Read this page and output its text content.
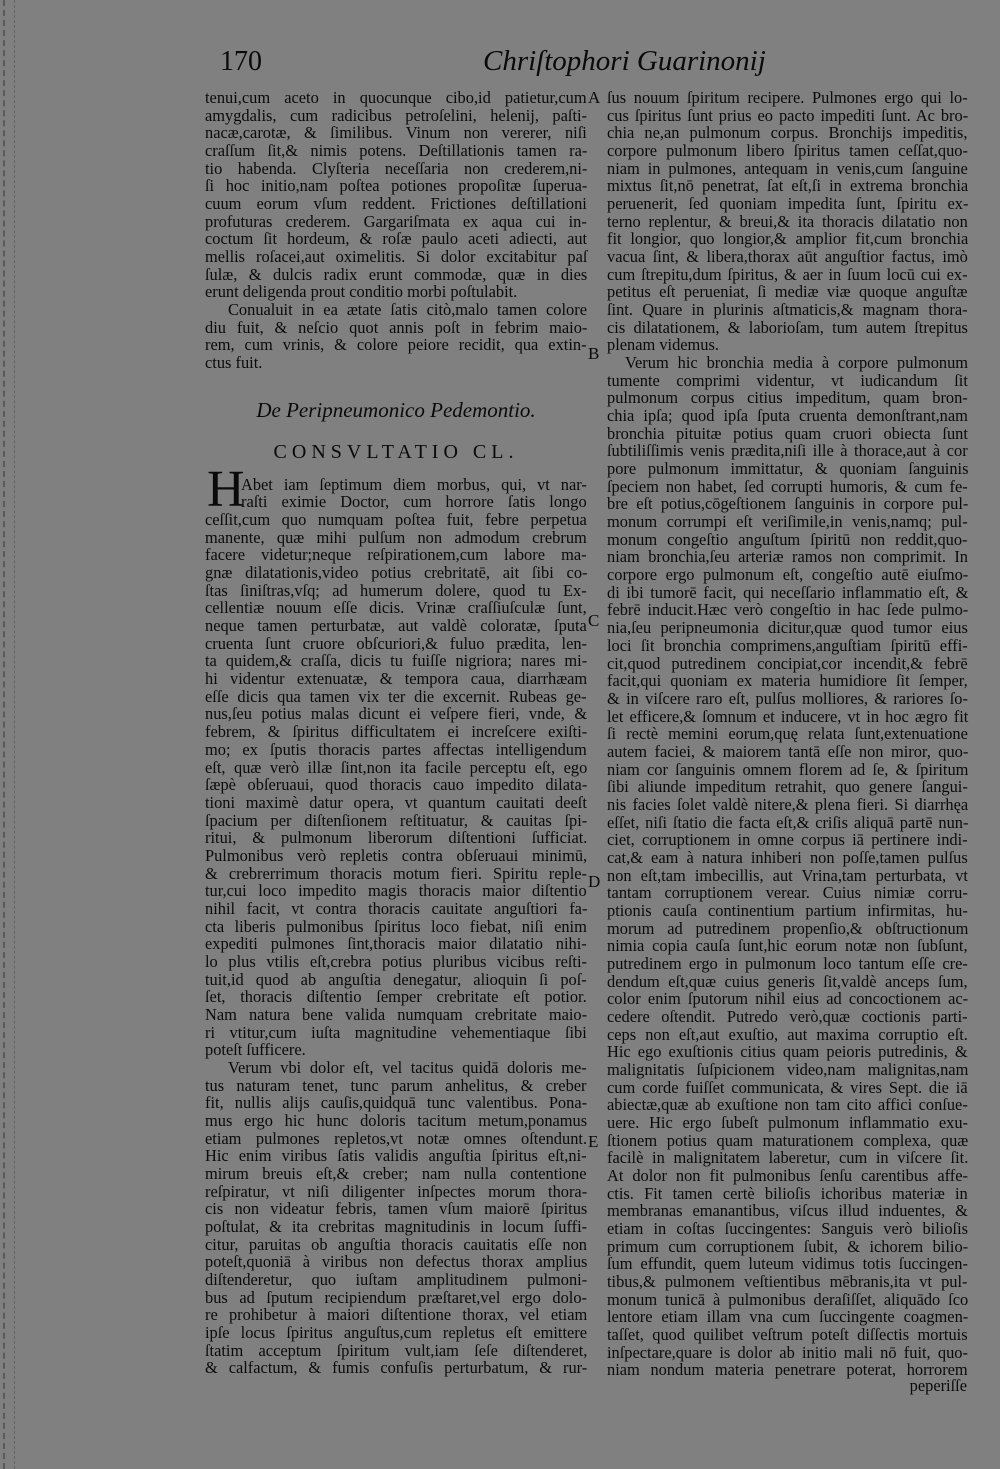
170	Chriſtophori Guarinonij
tenui,cum aceto in quocunque cibo,id patietur,cum
amygdalis, cum radicibus petroſelini, helenij, paſti-
nacæ,carotæ, & ſimilibus. Vinum non vererer, niſi
craſſum ſit,& nimis potens. Deſtillationis tamen ra-
tio habenda. Clyſteria neceſſaria non crederem,ni-
ſi hoc initio,nam poſtea potiones propoſitæ ſuperua-
cuum eorum vſum reddent. Frictiones deſtillationi
profuturas crederem. Gargariſmata ex aqua cui in-
coctum ſit hordeum, & roſæ paulo aceti adiecti, aut
mellis roſacei,aut oximelitis. Si dolor excitabitur paſ
ſulæ, & dulcis radix erunt commodæ, quæ in dies
erunt deligenda prout conditio morbi poſtulabit.
Conualuit in ea ætate ſatis citò,malo tamen colore
diu fuit, & neſcio quot annis poſt in febrim maio-
rem, cum vrinis, & colore peiore recidit, qua extin-
ctus fuit.
De Peripneumonico Pedemontio.
CONSVLTATIO CL.
H
Abet iam ſeptimum diem morbus, qui, vt nar-
raſti eximie Doctor, cum horrore ſatis longo
ceſſit,cum quo numquam poſtea fuit, febre perpetua
manente, quæ mihi pulſum non admodum crebrum
facere videtur;neque reſpirationem,cum labore ma-
gnæ dilatationis,video potius crebritatē, ait ſibi co-
ſtas ſiniſtras,vſq; ad humerum dolere, quod tu Ex-
cellentiæ nouum eſſe dicis. Vrinæ craſſiuſculæ ſunt,
neque tamen perturbatæ, aut valdè coloratæ, ſputa
cruenta ſunt cruore obſcuriori,& fuluo prædita, len-
ta quidem,& craſſa, dicis tu fuiſſe nigriora; nares mi-
hi videntur extenuatæ, & tempora caua, diarrhæam
eſſe dicis qua tamen vix ter die excernit. Rubeas ge-
nus,ſeu potius malas dicunt ei veſpere fieri, vnde, &
febrem, & ſpiritus difficultatem ei increſcere exiſti-
mo; ex ſputis thoracis partes affectas intelligendum
eſt, quæ verò illæ ſint,non ita facile perceptu eſt, ego
ſæpè obſeruaui, quod thoracis cauo impedito dilata-
tioni maximè datur opera, vt quantum cauitati deeſt
ſpacium per diſtenſionem reſtituatur, & cauitas ſpi-
ritui, & pulmonum liberorum diſtentioni ſufficiat.
Pulmonibus verò repletis contra obſeruaui minimū,
& crebrerrimum thoracis motum fieri. Spiritu reple-
tur,cui loco impedito magis thoracis maior diſtentio
nihil facit, vt contra thoracis cauitate anguſtiori fa-
cta liberis pulmonibus ſpiritus loco fiebat, niſi enim
expediti pulmones ſint,thoracis maior dilatatio nihi-
lo plus vtilis eſt,crebra potius pluribus vicibus reſti-
tuit,id quod ab anguſtia denegatur, alioquin ſi poſ-
ſet, thoracis diſtentio ſemper crebritate eſt potior.
Nam natura bene valida numquam crebritate maio-
ri vtitur,cum iuſta magnitudine vehementiaque ſibi
poteſt ſufficere.
Verum vbi dolor eſt, vel tacitus quidā doloris me-
tus naturam tenet, tunc parum anhelitus, & creber
fit, nullis alijs cauſis,quidquā tunc valentibus. Pona-
mus ergo hic hunc doloris tacitum metum,ponamus
etiam pulmones repletos,vt notæ omnes oſtendunt.
Hic enim viribus ſatis validis anguſtia ſpiritus eſt,ni-
mirum breuis eſt,& creber; nam nulla contentione
reſpiratur, vt niſi diligenter inſpectes morum thora-
cis non videatur febris, tamen vſum maiorē ſpiritus
poſtulat, & ita crebritas magnitudinis in locum ſuffi-
citur, paruitas ob anguſtia thoracis cauitatis eſſe non
poteſt,quoniā à viribus non defectus thorax amplius
diſtenderetur, quo iuſtam amplitudinem pulmoni-
bus ad ſputum recipiendum præſtaret,vel ergo dolo-
re prohibetur à maiori diſtentione thorax, vel etiam
ipſe locus ſpiritus anguſtus,cum repletus eſt emittere
ſtatim acceptum ſpiritum vult,iam ſeſe diſtenderet,
& calfactum, & fumis confuſis perturbatum, & rur-
A
B
C
D
E
ſus nouum ſpiritum recipere. Pulmones ergo qui lo-
cus ſpiritus ſunt prius eo pacto impediti ſunt. Ac bro-
chia ne,an pulmonum corpus. Bronchijs impeditis,
corpore pulmonum libero ſpiritus tamen ceſſat,quo-
niam in pulmones, antequam in venis,cum ſanguine
mixtus ſit,nō penetrat, ſat eſt,ſi in extrema bronchia
peruenerit, ſed quoniam impedita ſunt, ſpiritu ex-
terno replentur, & breui,& ita thoracis dilatatio non
fit longior, quo longior,& amplior fit,cum bronchia
vacua ſint, & libera,thorax aūt anguſtior factus, imò
cum ſtrepitu,dum ſpiritus, & aer in ſuum locū cui ex-
petitus eſt perueniat, ſi mediæ viæ quoque anguſtæ
ſint. Quare in plurinis aſtmaticis,& magnam thora-
cis dilatationem, & laborioſam, tum autem ſtrepitus
plenam videmus.
Verum hic bronchia media à corpore pulmonum
tumente comprimi videntur, vt iudicandum ſit
pulmonum corpus citius impeditum, quam bron-
chia ipſa; quod ipſa ſputa cruenta demonſtrant,nam
bronchia pituitæ potius quam cruori obiecta ſunt
ſubtiliſſimis venis prædita,niſi ille à thorace,aut à cor
pore pulmonum immittatur, & quoniam ſanguinis
ſpeciem non habet, ſed corrupti humoris, & cum fe-
bre eſt potius,cōgeſtionem ſanguinis in corpore pul-
monum corrumpi eſt veriſimile,in venis,namq; pul-
monum congeſtio anguſtum ſpiritū non reddit,quo-
niam bronchia,ſeu arteriæ ramos non comprimit. In
corpore ergo pulmonum eſt, congeſtio autē eiuſmo-
di ibi tumorē facit, qui neceſſario inflammatio eſt, &
febrē inducit.Hæc verò congeſtio in hac ſede pulmo-
nia,ſeu peripneumonia dicitur,quæ quod tumor eius
loci ſit bronchia comprimens,anguſtiam ſpiritū effi-
cit,quod putredinem concipiat,cor incendit,& febrē
facit,qui quoniam ex materia humidiore ſit ſemper,
& in viſcere raro eſt, pulſus molliores, & rariores ſo-
let efficere,& ſomnum et inducere, vt in hoc ægro fit
ſi rectè memini eorum,quę relata ſunt,extenuatione
autem faciei, & maiorem tantā eſſe non miror, quo-
niam cor ſanguinis omnem florem ad ſe, & ſpiritum
ſibi aliunde impeditum retrahit, quo genere ſangui-
nis facies ſolet valdè nitere,& plena fieri. Si diarrhęa
eſſet, niſi ſtatio die facta eſt,& criſis aliquā partē nun-
ciet, corruptionem in omne corpus iā pertinere indi-
cat,& eam à natura inhiberi non poſſe,tamen pulſus
non eſt,tam imbecillis, aut Vrina,tam perturbata, vt
tantam corruptionem verear. Cuius nimiæ corru-
ptionis cauſa continentium partium infirmitas, hu-
morum ad putredinem propenſio,& obſtructionum
nimia copia cauſa ſunt,hic eorum notæ non ſubſunt,
putredinem ergo in pulmonum loco tantum eſſe cre-
dendum eſt,quæ cuius generis ſit,valdè anceps ſum,
color enim ſputorum nihil eius ad concoctionem ac-
cedere oſtendit. Putredo verò,quæ coctionis parti-
ceps non eſt,aut exuſtio, aut maxima corruptio eſt.
Hic ego exuſtionis citius quam peioris putredinis, &
malignitatis ſuſpicionem video,nam malignitas,nam
cum corde fuiſſet communicata, & vires Sept. die iā
abiectæ,quæ ab exuſtione non tam cito affici conſue-
uere. Hic ergo ſubeſt pulmonum inflammatio exu-
ſtionem potius quam maturationem complexa, quæ
facilè in malignitatem laberetur, cum in viſcere ſit.
At dolor non fit pulmonibus ſenſu carentibus affe-
ctis. Fit tamen certè bilioſis ichoribus materiæ in
membranas emanantibus, viſcus illud induentes, &
etiam in coſtas ſuccingentes: Sanguis verò bilioſis
primum cum corruptionem ſubit, & ichorem bilio-
ſum effundit, quem luteum vidimus totis ſuccingen-
tibus,& pulmonem veſtientibus mēbranis,ita vt pul-
monum tunicā à pulmonibus deraſiſſet, aliquādo ſco
lentore etiam illam vna cum ſuccingente coagmen-
taſſet, quod quilibet veſtrum poteſt diſſectis mortuis
inſpectare,quare is dolor ab initio mali nō fuit, quo-
niam nondum materia penetrare poterat, horrorem
peperiſſe
